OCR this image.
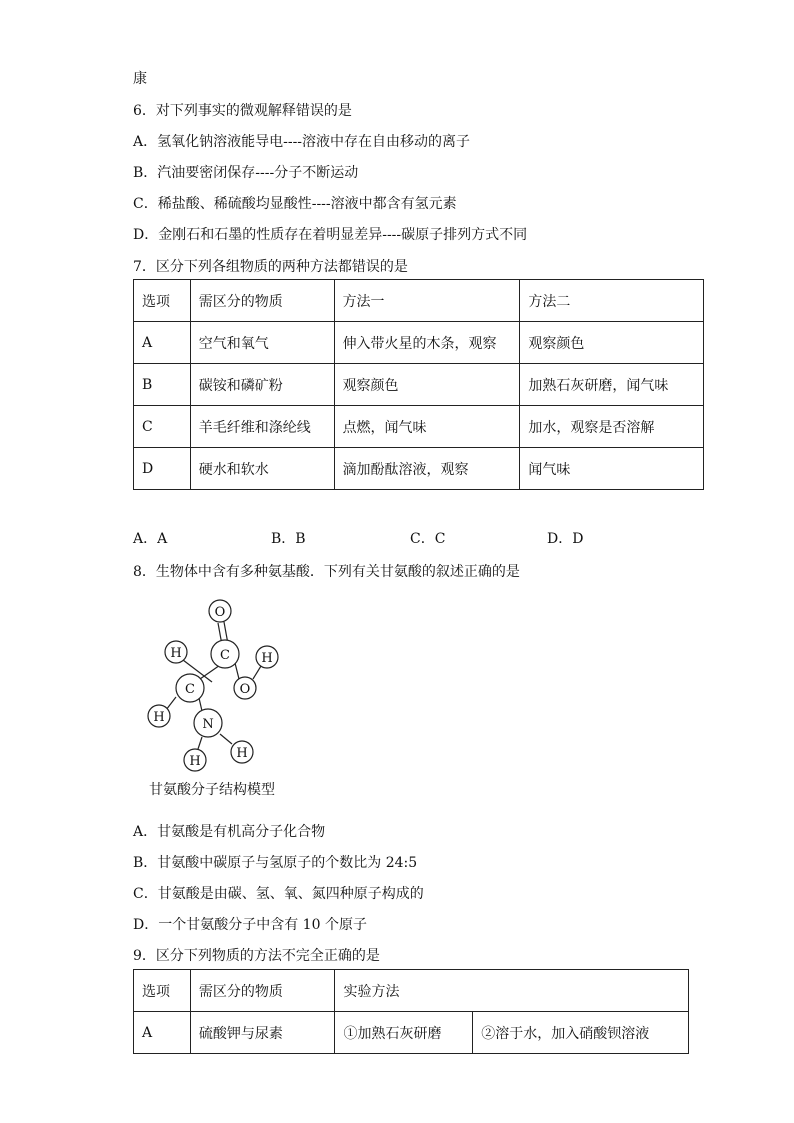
康
6．对下列事实的微观解释错误的是
A．氢氧化钠溶液能导电----溶液中存在自由移动的离子
B．汽油要密闭保存----分子不断运动
C．稀盐酸、稀硫酸均显酸性----溶液中都含有氢元素
D．金刚石和石墨的性质存在着明显差异----碳原子排列方式不同
7．区分下列各组物质的两种方法都错误的是
选项	需区分的物质	方法一	方法二
A	空气和氧气	伸入带火星的木条，观察	观察颜色
B	碳铵和磷矿粉	观察颜色	加熟石灰研磨，闻气味
C	羊毛纤维和涤纶线	点燃，闻气味	加水，观察是否溶解
D	硬水和软水	滴加酚酞溶液，观察	闻气味
A．A	B．B	C．C	D．D
8．生物体中含有多种氨基酸．下列有关甘氨酸的叙述正确的是
O
C
H	H
O
C
H	N
H
H
甘氨酸分子结构模型
A．甘氨酸是有机高分子化合物
B．甘氨酸中碳原子与氢原子的个数比为 24:5
C．甘氨酸是由碳、氢、氧、氮四种原子构成的
D．一个甘氨酸分子中含有 10 个原子
9．区分下列物质的方法不完全正确的是
选项	需区分的物质	实验方法	
A	硫酸钾与尿素	①加熟石灰研磨	②溶于水，加入硝酸钡溶液
